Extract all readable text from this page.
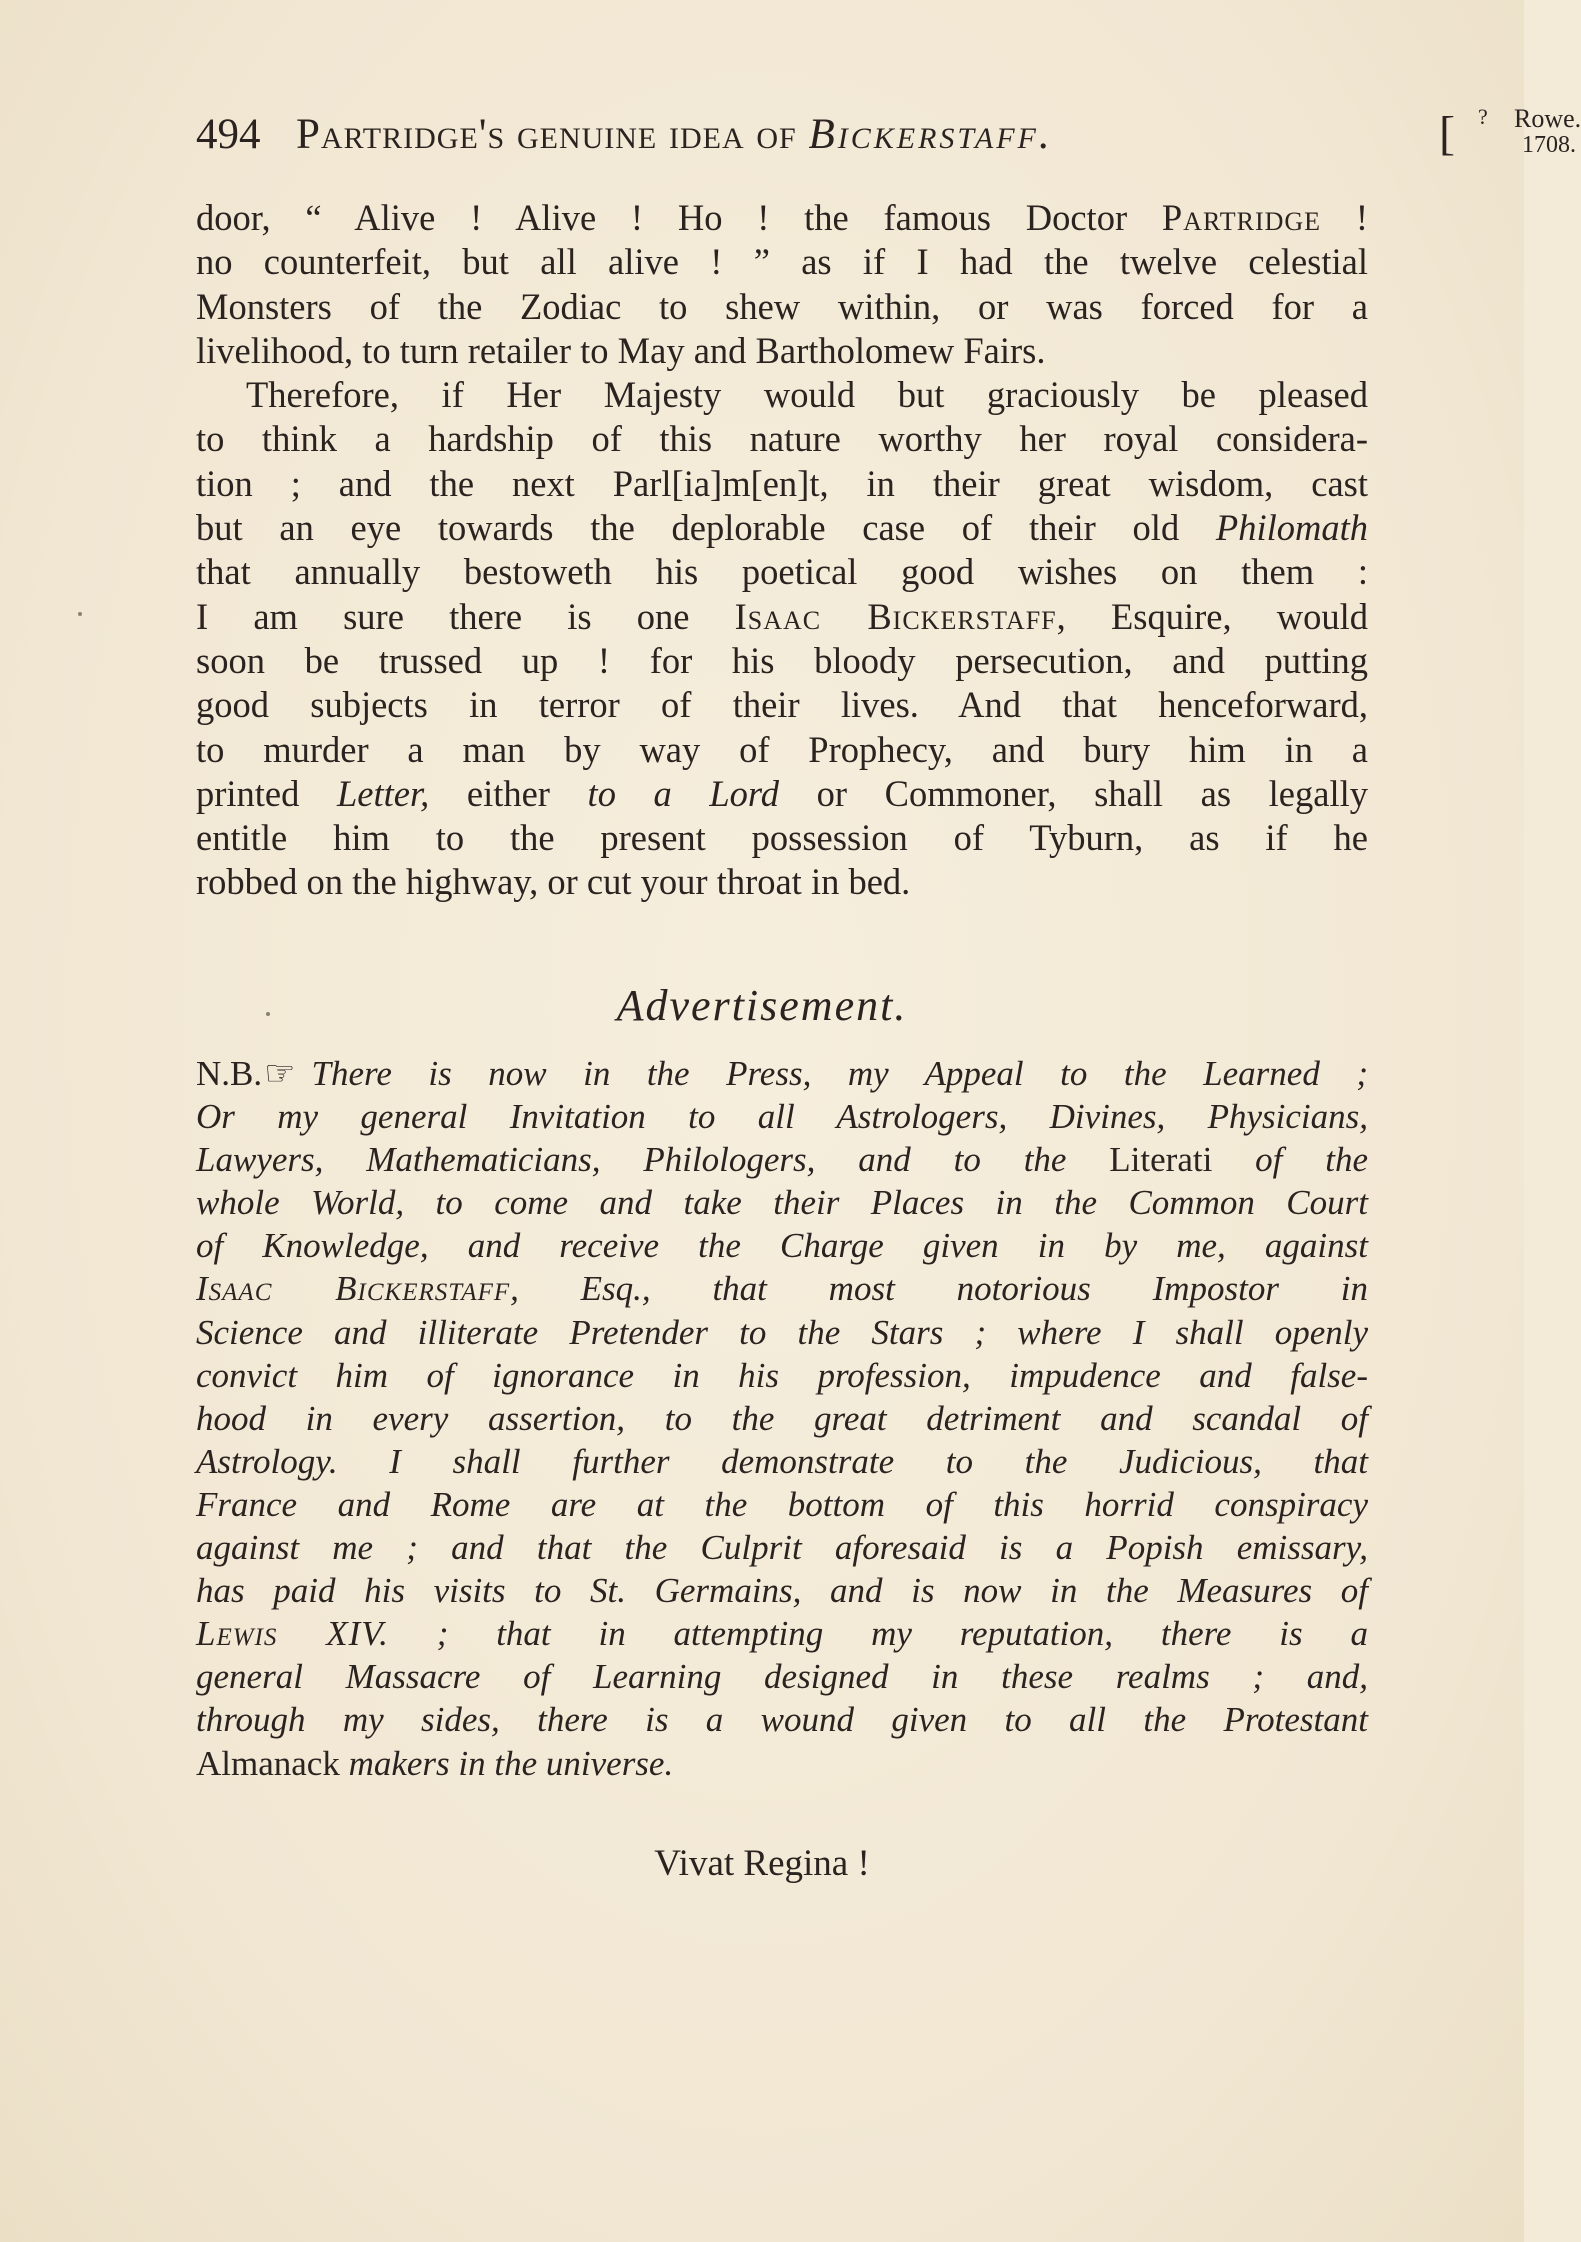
494 Partridge's genuine idea of Bickerstaff.	[ ? Rowe.
1708.
door, “ Alive ! Alive ! Ho ! the famous Doctor Partridge !
no counterfeit, but all alive ! ” as if I had the twelve celestial
Monsters of the Zodiac to shew within, or was forced for a
livelihood, to turn retailer to May and Bartholomew Fairs.
Therefore, if Her Majesty would but graciously be pleased
to think a hardship of this nature worthy her royal considera-
tion ; and the next Parl[ia]m[en]t, in their great wisdom, cast
but an eye towards the deplorable case of their old Philomath
that annually bestoweth his poetical good wishes on them :
I am sure there is one Isaac Bickerstaff, Esquire, would
soon be trussed up ! for his bloody persecution, and putting
good subjects in terror of their lives. And that henceforward,
to murder a man by way of Prophecy, and bury him in a
printed Letter, either to a Lord or Commoner, shall as legally
entitle him to the present possession of Tyburn, as if he
robbed on the highway, or cut your throat in bed.
Advertisement.
N.B.☞ There is now in the Press, my Appeal to the Learned ;
Or my general Invitation to all Astrologers, Divines, Physicians,
Lawyers, Mathematicians, Philologers, and to the Literati of the
whole World, to come and take their Places in the Common Court
of Knowledge, and receive the Charge given in by me, against
Isaac Bickerstaff, Esq., that most notorious Impostor in
Science and illiterate Pretender to the Stars ; where I shall openly
convict him of ignorance in his profession, impudence and false-
hood in every assertion, to the great detriment and scandal of
Astrology. I shall further demonstrate to the Judicious, that
France and Rome are at the bottom of this horrid conspiracy
against me ; and that the Culprit aforesaid is a Popish emissary,
has paid his visits to St. Germains, and is now in the Measures of
Lewis XIV. ; that in attempting my reputation, there is a
general Massacre of Learning designed in these realms ; and,
through my sides, there is a wound given to all the Protestant
Almanack makers in the universe.
Vivat Regina !
